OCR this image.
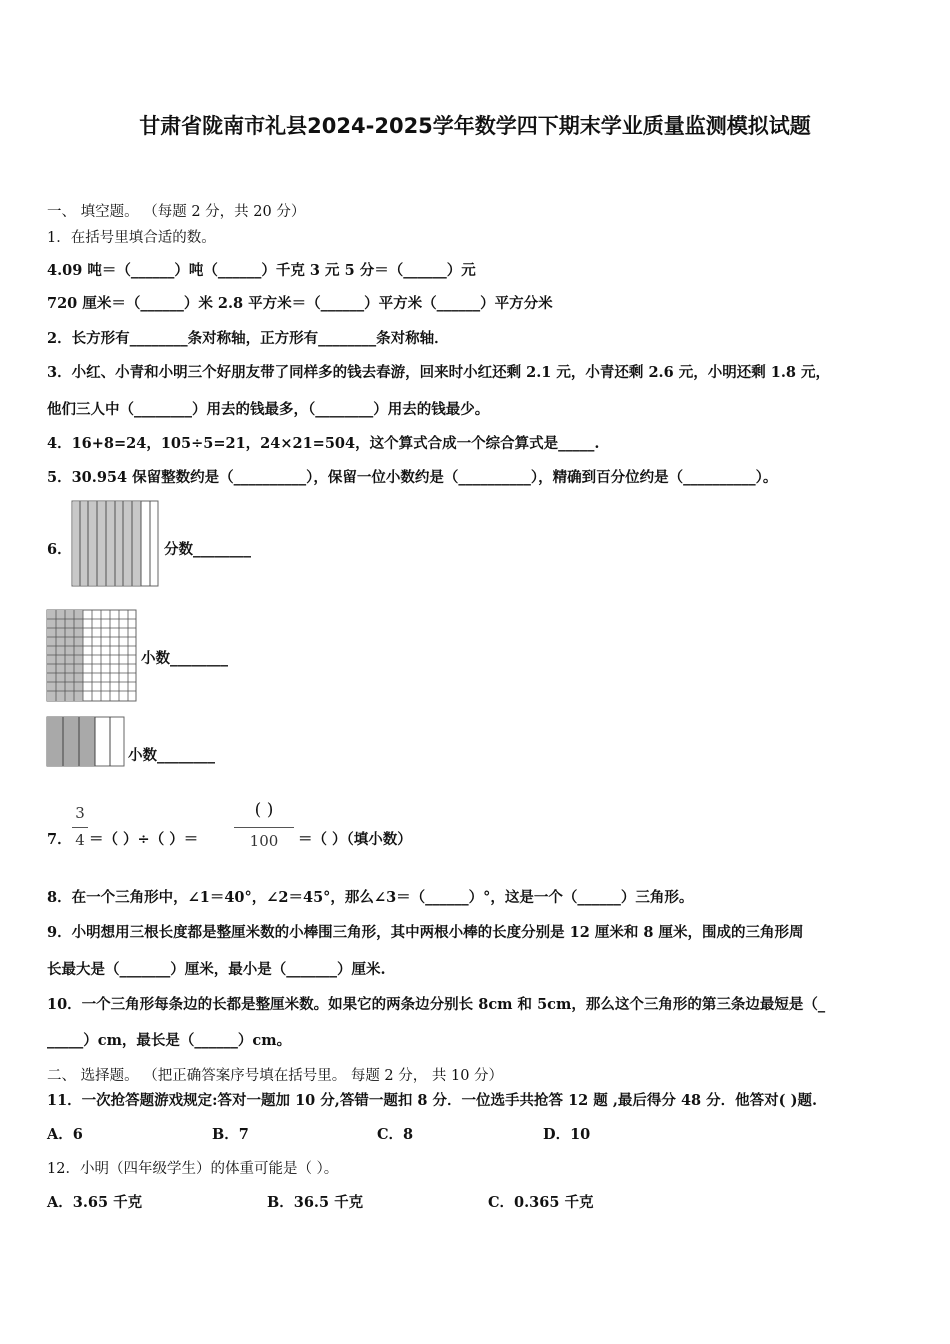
甘肃省陇南市礼县2024-2025学年数学四下期末学业质量监测模拟试题
一、 填空题。 （每题 2 分，共 20 分）
1．在括号里填合适的数。
4.09 吨＝（______）吨（______）千克 3 元 5 分＝（______）元
720 厘米＝（______）米 2.8 平方米＝（______）平方米（______）平方分米
2．长方形有________条对称轴，正方形有________条对称轴．
3．小红、小青和小明三个好朋友带了同样多的钱去春游，回来时小红还剩 2.1 元，小青还剩 2.6 元，小明还剩 1.8 元，
他们三人中（________）用去的钱最多，（________）用去的钱最少。
4．16+8=24，105÷5=21，24×21=504，这个算式合成一个综合算式是_____.
5．30.954 保留整数约是（__________），保留一位小数约是（__________），精确到百分位约是（__________）。
6．	分数________
小数________
小数________
7．
3
4 ＝（ ）÷（ ）＝
( )
100	＝（ ）（填小数）
8．在一个三角形中，∠1＝40°，∠2＝45°，那么∠3＝（______）°，这是一个（______）三角形。
9．小明想用三根长度都是整厘米数的小棒围三角形，其中两根小棒的长度分别是 12 厘米和 8 厘米，围成的三角形周
长最大是（_______）厘米，最小是（_______）厘米.
10．一个三角形每条边的长都是整厘米数。如果它的两条边分别长 8cm 和 5cm，那么这个三角形的第三条边最短是（_
_____）cm，最长是（______）cm。
二、 选择题。 （把正确答案序号填在括号里。 每题 2 分， 共 10 分）
11．一次抢答题游戏规定:答对一题加 10 分,答错一题扣 8 分．一位选手共抢答 12 题 ,最后得分 48 分．他答对( )题.
A．6	B．7	C．8	D．10
12．小明（四年级学生）的体重可能是（ ）。
A．3.65 千克	B．36.5 千克	C．0.365 千克
